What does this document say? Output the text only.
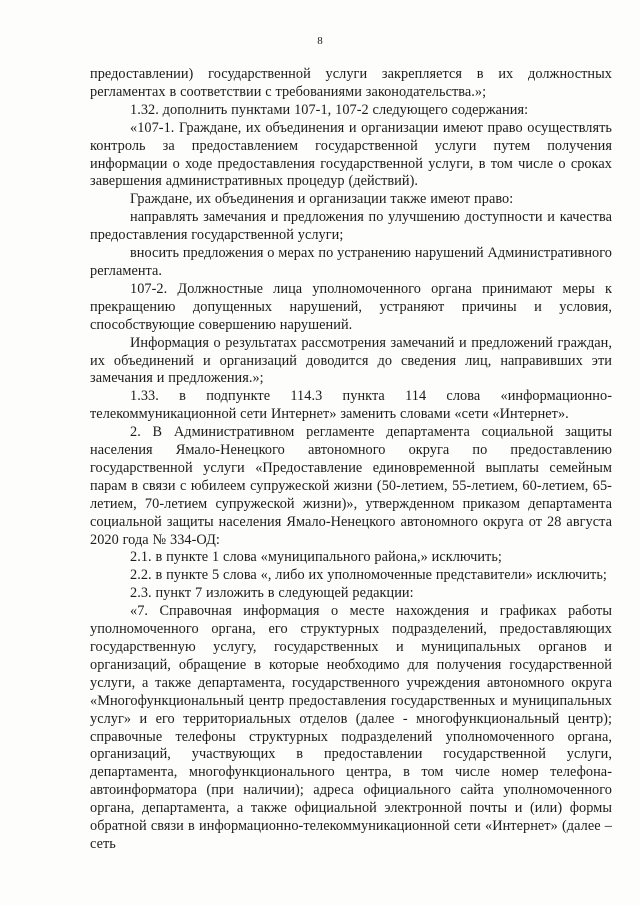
8

предоставлении) государственной услуги закрепляется в их должностных регламентах в соответствии с требованиями законодательства.»;

1.32. дополнить пунктами 107-1, 107-2 следующего содержания:

«107-1. Граждане, их объединения и организации имеют право осуществлять контроль за предоставлением государственной услуги путем получения информации о ходе предоставления государственной услуги, в том числе о сроках завершения административных процедур (действий).

Граждане, их объединения и организации также имеют право:

направлять замечания и предложения по улучшению доступности и качества предоставления государственной услуги;

вносить предложения о мерах по устранению нарушений Административного регламента.

107-2. Должностные лица уполномоченного органа принимают меры к прекращению допущенных нарушений, устраняют причины и условия, способствующие совершению нарушений.

Информация о результатах рассмотрения замечаний и предложений граждан, их объединений и организаций доводится до сведения лиц, направивших эти замечания и предложения.»;

1.33. в подпункте 114.3 пункта 114 слова «информационно-телекоммуникационной сети Интернет» заменить словами «сети «Интернет».

2. В Административном регламенте департамента социальной защиты населения Ямало-Ненецкого автономного округа по предоставлению государственной услуги «Предоставление единовременной выплаты семейным парам в связи с юбилеем супружеской жизни (50-летием, 55-летием, 60-летием, 65-летием, 70-летием супружеской жизни)», утвержденном приказом департамента социальной защиты населения Ямало-Ненецкого автономного округа от 28 августа 2020 года № 334-ОД:

2.1. в пункте 1 слова «муниципального района,» исключить;

2.2. в пункте 5 слова «, либо их уполномоченные представители» исключить;

2.3. пункт 7 изложить в следующей редакции:

«7. Справочная информация о месте нахождения и графиках работы уполномоченного органа, его структурных подразделений, предоставляющих государственную услугу, государственных и муниципальных органов и организаций, обращение в которые необходимо для получения государственной услуги, а также департамента, государственного учреждения автономного округа «Многофункциональный центр предоставления государственных и муниципальных услуг» и его территориальных отделов (далее - многофункциональный центр); справочные телефоны структурных подразделений уполномоченного органа, организаций, участвующих в предоставлении государственной услуги, департамента, многофункционального центра, в том числе номер телефона-автоинформатора (при наличии); адреса официального сайта уполномоченного органа, департамента, а также официальной электронной почты и (или) формы обратной связи в информационно-телекоммуникационной сети «Интернет» (далее – сеть
